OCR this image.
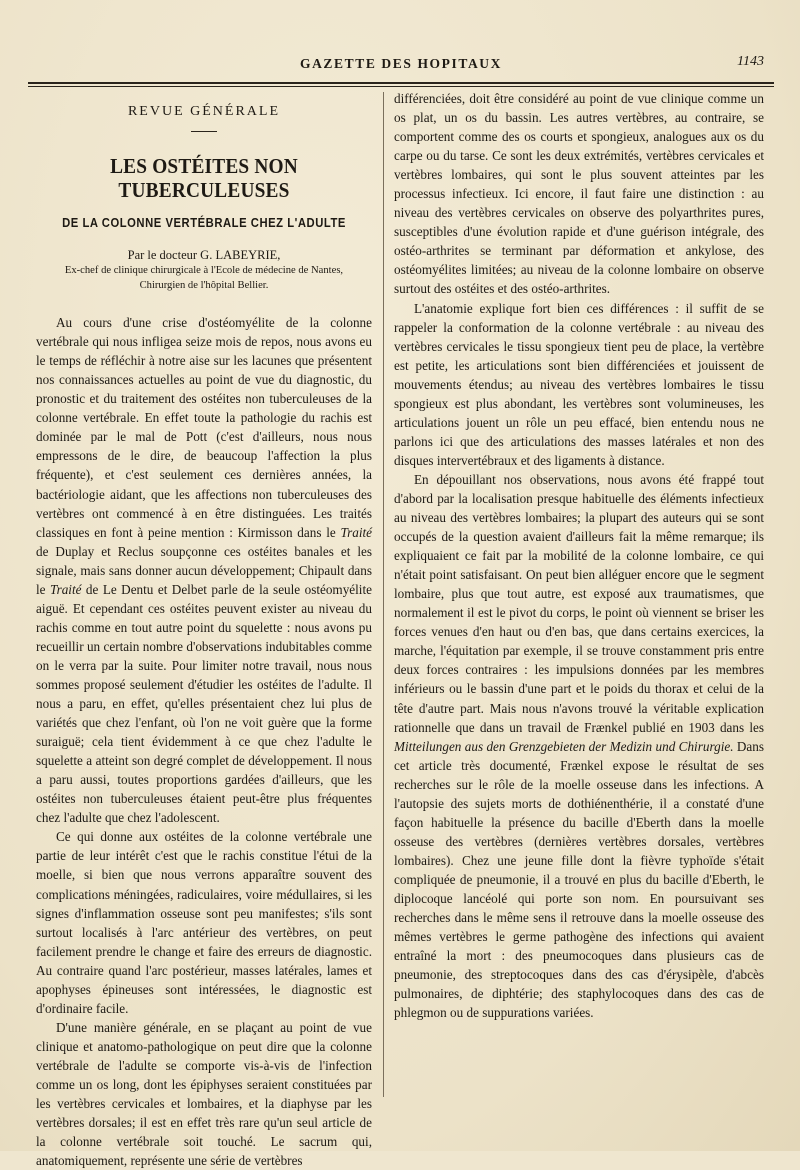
GAZETTE DES HOPITAUX	1143
REVUE GÉNÉRALE
LES OSTÉITES NON TUBERCULEUSES
DE LA COLONNE VERTÉBRALE CHEZ L'ADULTE
Par le docteur G. LABEYRIE,
Ex-chef de clinique chirurgicale à l'Ecole de médecine de Nantes,
Chirurgien de l'hôpital Bellier.

Au cours d'une crise d'ostéomyélite de la colonne vertébrale qui nous infligea seize mois de repos, nous avons eu le temps de réfléchir à notre aise sur les lacunes que présentent nos connaissances actuelles au point de vue du diagnostic, du pronostic et du traitement des ostéites non tuberculeuses de la colonne vertébrale. En effet toute la pathologie du rachis est dominée par le mal de Pott (c'est d'ailleurs, nous nous empressons de le dire, de beaucoup l'affection la plus fréquente), et c'est seulement ces dernières années, la bactériologie aidant, que les affections non tuberculeuses des vertèbres ont commencé à en être distinguées. Les traités classiques en font à peine mention : Kirmisson dans le Traité de Duplay et Reclus soupçonne ces ostéites banales et les signale, mais sans donner aucun développement; Chipault dans le Traité de Le Dentu et Delbet parle de la seule ostéomyélite aiguë. Et cependant ces ostéites peuvent exister au niveau du rachis comme en tout autre point du squelette : nous avons pu recueillir un certain nombre d'observations indubitables comme on le verra par la suite. Pour limiter notre travail, nous nous sommes proposé seulement d'étudier les ostéites de l'adulte. Il nous a paru, en effet, qu'elles présentaient chez lui plus de variétés que chez l'enfant, où l'on ne voit guère que la forme suraiguë; cela tient évidemment à ce que chez l'adulte le squelette a atteint son degré complet de développement. Il nous a paru aussi, toutes proportions gardées d'ailleurs, que les ostéites non tuberculeuses étaient peut-être plus fréquentes chez l'adulte que chez l'adolescent.

Ce qui donne aux ostéites de la colonne vertébrale une partie de leur intérêt c'est que le rachis constitue l'étui de la moelle, si bien que nous verrons apparaître souvent des complications méningées, radiculaires, voire médullaires, si les signes d'inflammation osseuse sont peu manifestes; s'ils sont surtout localisés à l'arc antérieur des vertèbres, on peut facilement prendre le change et faire des erreurs de diagnostic. Au contraire quand l'arc postérieur, masses latérales, lames et apophyses épineuses sont intéressées, le diagnostic est d'ordinaire facile.

D'une manière générale, en se plaçant au point de vue clinique et anatomo-pathologique on peut dire que la colonne vertébrale de l'adulte se comporte vis-à-vis de l'infection comme un os long, dont les épiphyses seraient constituées par les vertèbres cervicales et lombaires, et la diaphyse par les vertèbres dorsales; il est en effet très rare qu'un seul article de la colonne vertébrale soit touché. Le sacrum qui, anatomiquement, représente une série de vertèbres

différenciées, doit être considéré au point de vue clinique comme un os plat, un os du bassin. Les autres vertèbres, au contraire, se comportent comme des os courts et spongieux, analogues aux os du carpe ou du tarse. Ce sont les deux extrémités, vertèbres cervicales et vertèbres lombaires, qui sont le plus souvent atteintes par les processus infectieux. Ici encore, il faut faire une distinction : au niveau des vertèbres cervicales on observe des polyarthrites pures, susceptibles d'une évolution rapide et d'une guérison intégrale, des ostéo-arthrites se terminant par déformation et ankylose, des ostéomyélites limitées; au niveau de la colonne lombaire on observe surtout des ostéites et des ostéo-arthrites.

L'anatomie explique fort bien ces différences : il suffit de se rappeler la conformation de la colonne vertébrale : au niveau des vertèbres cervicales le tissu spongieux tient peu de place, la vertèbre est petite, les articulations sont bien différenciées et jouissent de mouvements étendus; au niveau des vertèbres lombaires le tissu spongieux est plus abondant, les vertèbres sont volumineuses, les articulations jouent un rôle un peu effacé, bien entendu nous ne parlons ici que des articulations des masses latérales et non des disques intervertébraux et des ligaments à distance.

En dépouillant nos observations, nous avons été frappé tout d'abord par la localisation presque habituelle des éléments infectieux au niveau des vertèbres lombaires; la plupart des auteurs qui se sont occupés de la question avaient d'ailleurs fait la même remarque; ils expliquaient ce fait par la mobilité de la colonne lombaire, ce qui n'était point satisfaisant. On peut bien alléguer encore que le segment lombaire, plus que tout autre, est exposé aux traumatismes, que normalement il est le pivot du corps, le point où viennent se briser les forces venues d'en haut ou d'en bas, que dans certains exercices, la marche, l'équitation par exemple, il se trouve constamment pris entre deux forces contraires : les impulsions données par les membres inférieurs ou le bassin d'une part et le poids du thorax et celui de la tête d'autre part. Mais nous n'avons trouvé la véritable explication rationnelle que dans un travail de Frænkel publié en 1903 dans les Mitteilungen aus den Grenzgebieten der Medizin und Chirurgie. Dans cet article très documenté, Frænkel expose le résultat de ses recherches sur le rôle de la moelle osseuse dans les infections. A l'autopsie des sujets morts de dothiénenthérie, il a constaté d'une façon habituelle la présence du bacille d'Eberth dans la moelle osseuse des vertèbres (dernières vertèbres dorsales, vertèbres lombaires). Chez une jeune fille dont la fièvre typhoïde s'était compliquée de pneumonie, il a trouvé en plus du bacille d'Eberth, le diplocoque lancéolé qui porte son nom. En poursuivant ses recherches dans le même sens il retrouve dans la moelle osseuse des mêmes vertèbres le germe pathogène des infections qui avaient entraîné la mort : des pneumocoques dans plusieurs cas de pneumonie, des streptocoques dans des cas d'érysipèle, d'abcès pulmonaires, de diphtérie; des staphylocoques dans des cas de phlegmon ou de suppurations variées.
